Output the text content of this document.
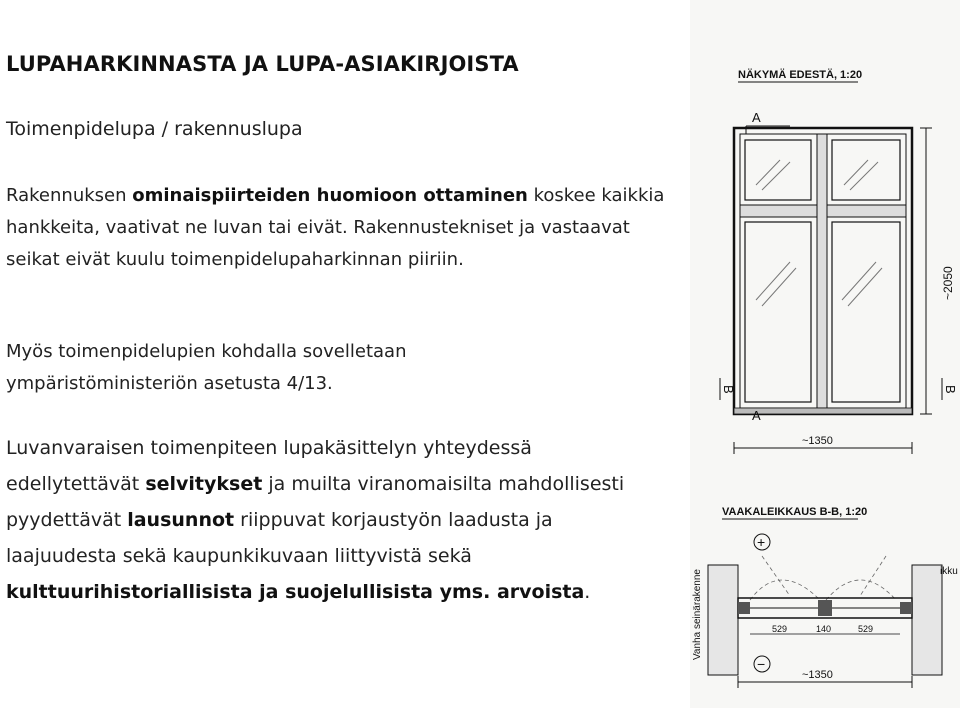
LUPAHARKINNASTA JA LUPA-ASIAKIRJOISTA
Toimenpidelupa / rakennuslupa
Rakennuksen ominaispiirteiden huomioon ottaminen koskee kaikkia hankkeita, vaativat ne luvan tai eivät. Rakennustekniset ja vastaavat seikat eivät kuulu toimenpidelupaharkinnan piiriin.
Myös toimenpidelupien kohdalla sovelletaan ympäristöministeriön asetusta 4/13.
Luvanvaraisen toimenpiteen lupakäsittelyn yhteydessä edellytettävät selvitykset ja muilta viranomaisilta mahdollisesti pyydettävät lausunnot riippuvat korjaustyön laadusta ja laajuudesta sekä kaupunkikuvaan liittyvistä sekä kulttuurihistoriallisista ja suojelullisista yms. arvoista.
NÄKYMÄ EDESTÄ, 1:20
A
~2050
B	B
A
~1350
VAAKALEIKKAUS B-B, 1:20
+
Vanha seinärakenne	ikku
529	140	529
−
~1350
